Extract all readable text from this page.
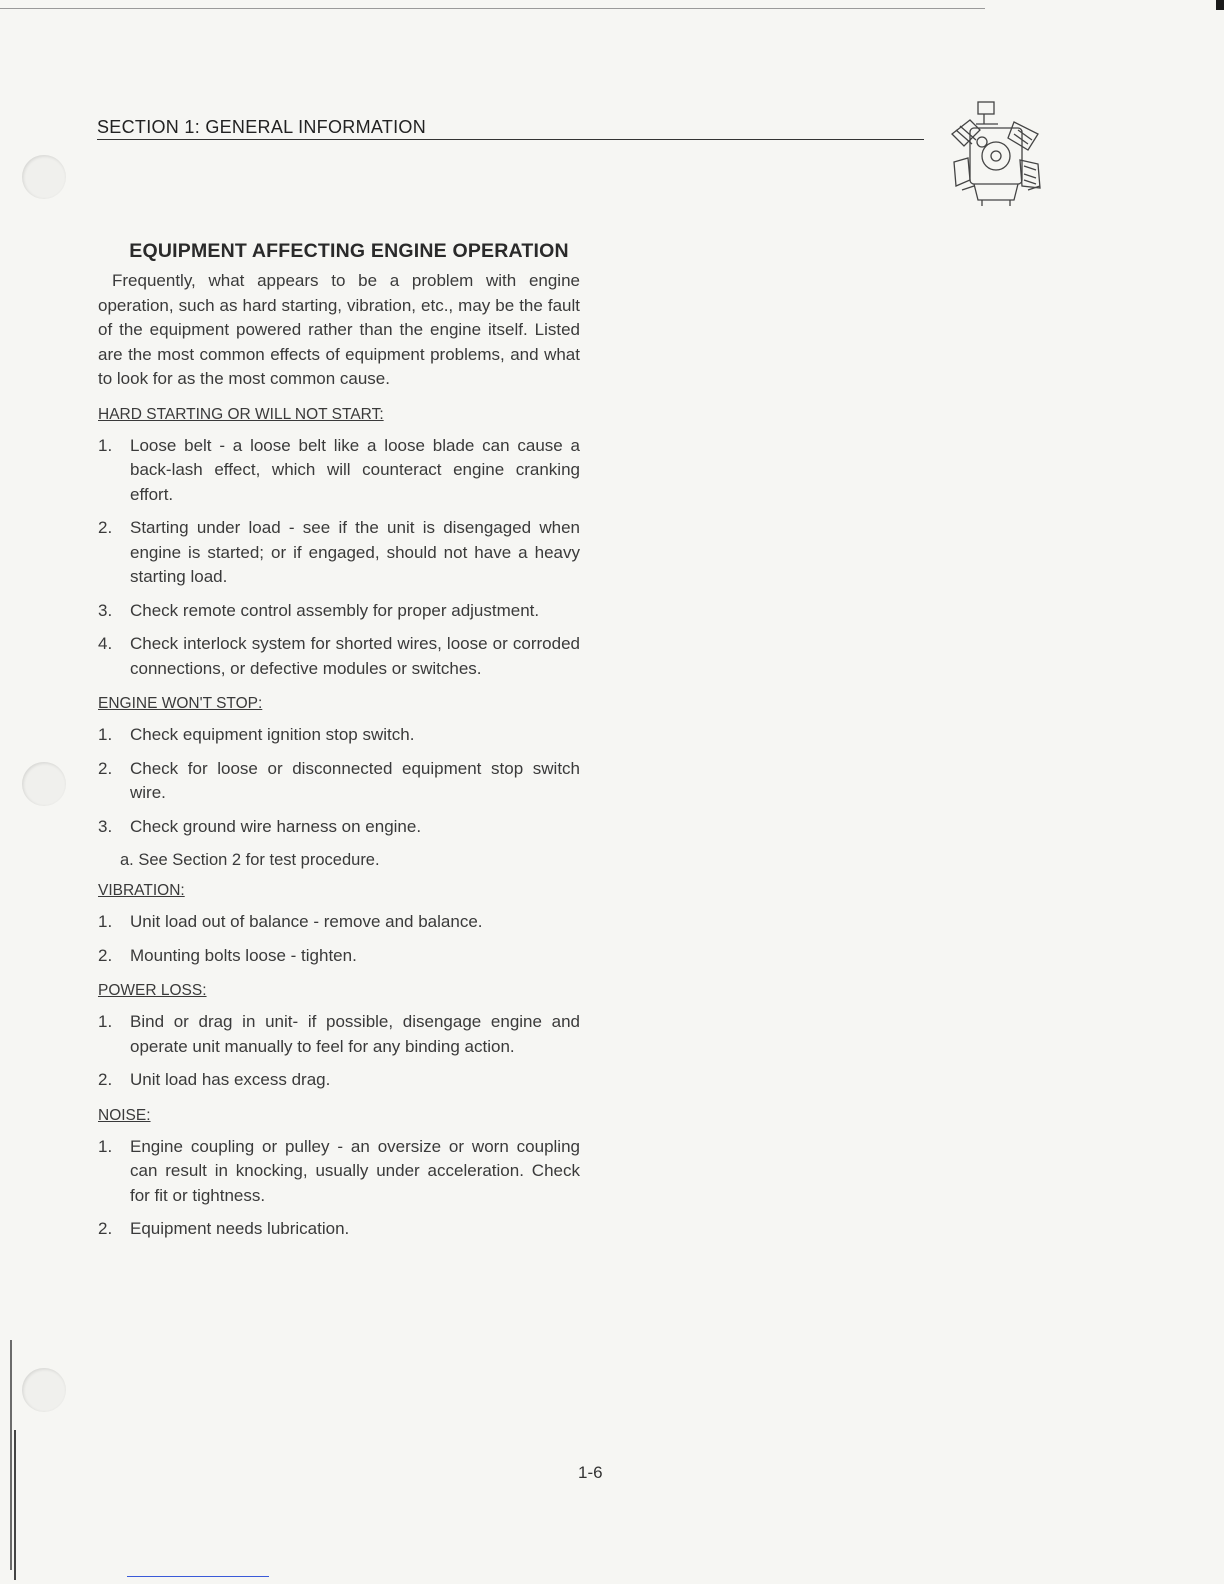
SECTION 1: GENERAL INFORMATION
EQUIPMENT AFFECTING ENGINE OPERATION

Frequently, what appears to be a problem with engine operation, such as hard starting, vibration, etc., may be the fault of the equipment powered rather than the engine itself. Listed are the most common effects of equipment problems, and what to look for as the most common cause.

HARD STARTING OR WILL NOT START:
1.	Loose belt - a loose belt like a loose blade can cause a back-lash effect, which will counteract engine cranking effort.
2.	Starting under load - see if the unit is disengaged when engine is started; or if engaged, should not have a heavy starting load.
3.	Check remote control assembly for proper adjustment.
4.	Check interlock system for shorted wires, loose or corroded connections, or defective modules or switches.
ENGINE WON'T STOP:
1.	Check equipment ignition stop switch.
2.	Check for loose or disconnected equipment stop switch wire.
3.	Check ground wire harness on engine.
a. See Section 2 for test procedure.
VIBRATION:
1.	Unit load out of balance - remove and balance.
2.	Mounting bolts loose - tighten.
POWER LOSS:
1.	Bind or drag in unit- if possible, disengage engine and operate unit manually to feel for any binding action.
2.	Unit load has excess drag.
NOISE:
1.	Engine coupling or pulley - an oversize or worn coupling can result in knocking, usually under acceleration. Check for fit or tightness.
2.	Equipment needs lubrication.
1-6
